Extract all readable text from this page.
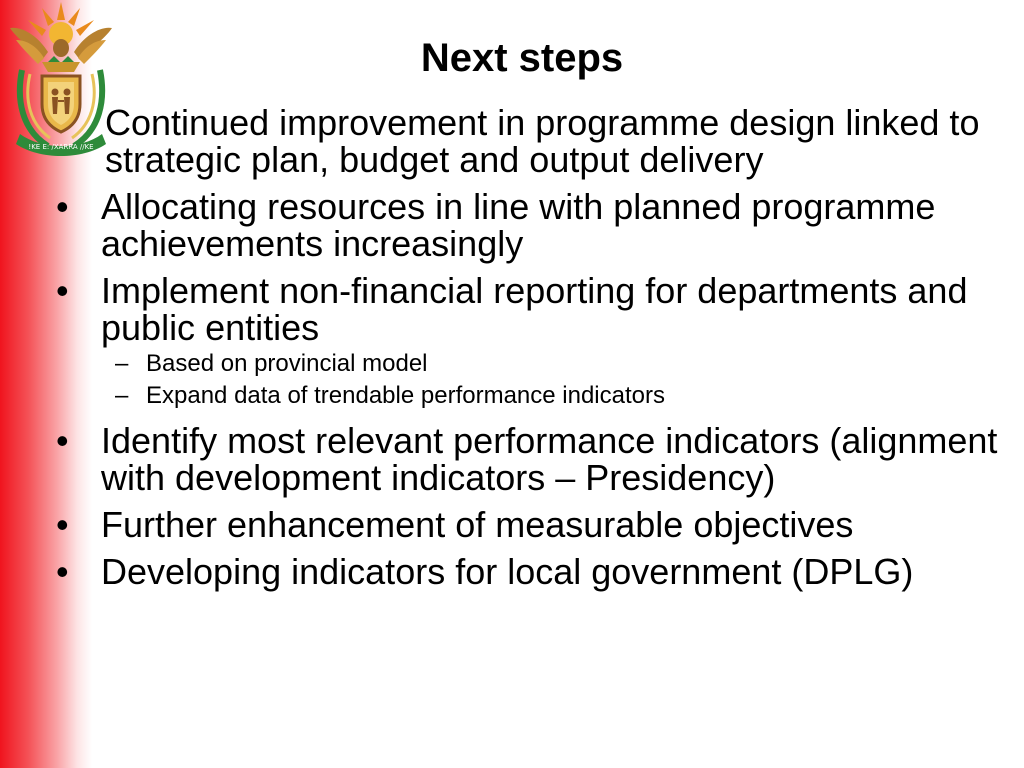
!KE E: /XARRA //KE
Next steps
Continued improvement in programme design linked to strategic plan, budget and output delivery
• Allocating resources in line with planned programme achievements increasingly
• Implement non-financial reporting for departments and public entities
– Based on provincial model
– Expand data of trendable performance indicators
• Identify most relevant performance indicators (alignment with development indicators – Presidency)
• Further enhancement of measurable objectives
• Developing indicators for local government (DPLG)
